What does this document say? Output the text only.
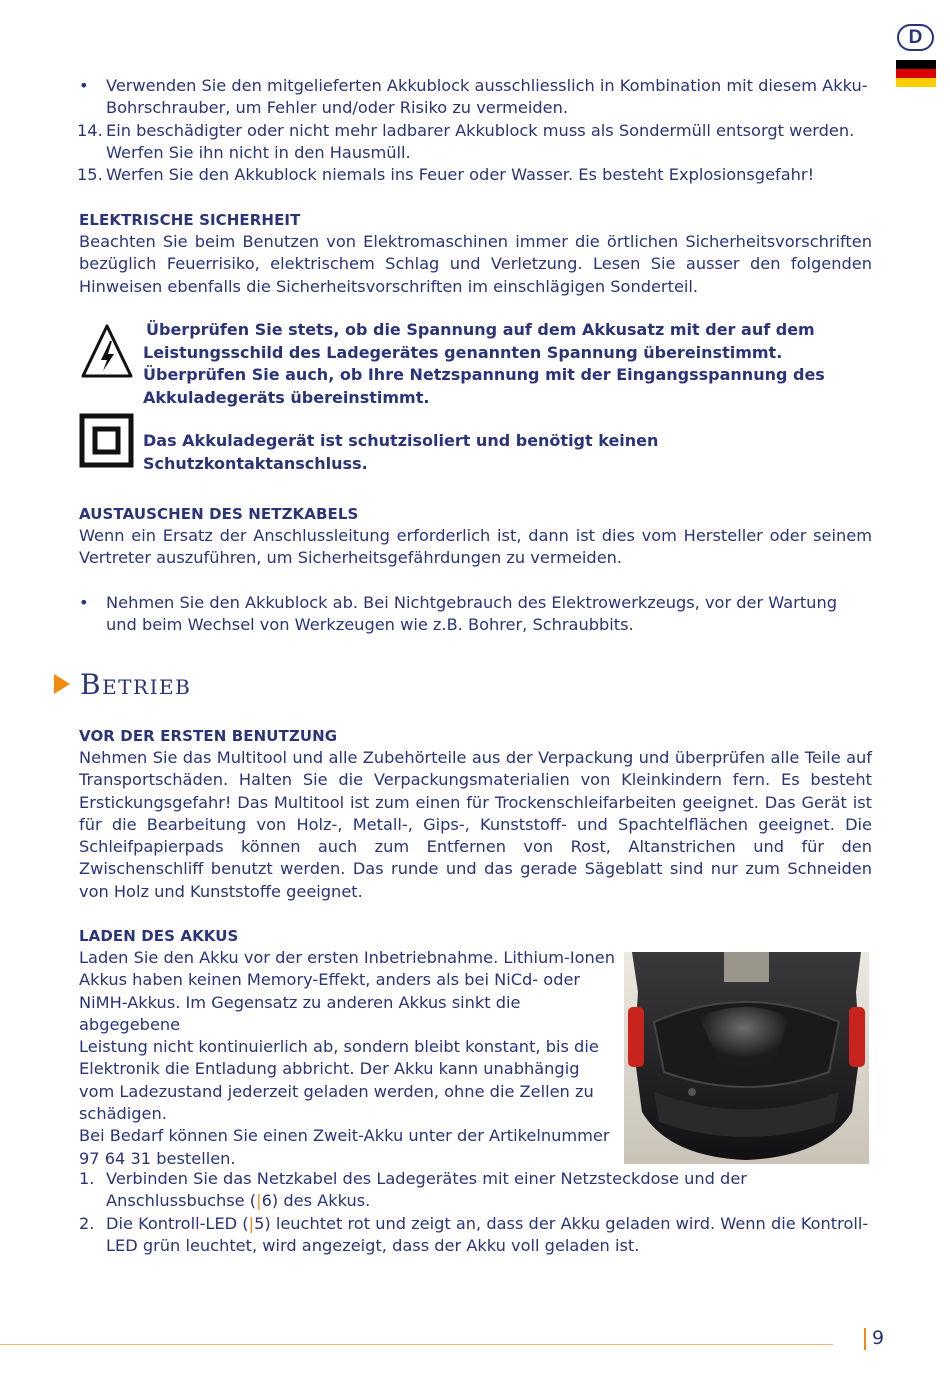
D
• Verwenden Sie den mitgelieferten Akkublock ausschliesslich in Kombination mit diesem Akku-Bohrschrauber, um Fehler und/oder Risiko zu vermeiden.
14. Ein beschädigter oder nicht mehr ladbarer Akkublock muss als Sondermüll entsorgt werden. Werfen Sie ihn nicht in den Hausmüll.
15. Werfen Sie den Akkublock niemals ins Feuer oder Wasser. Es besteht Explosionsgefahr!
ELEKTRISCHE SICHERHEIT
Beachten Sie beim Benutzen von Elektromaschinen immer die örtlichen Sicherheitsvorschriften bezüglich Feuerrisiko, elektrischem Schlag und Verletzung. Lesen Sie ausser den folgenden Hinweisen ebenfalls die Sicherheitsvorschriften im einschlägigen Sonderteil.
Überprüfen Sie stets, ob die Spannung auf dem Akkusatz mit der auf dem Leistungsschild des Ladegerätes genannten Spannung übereinstimmt. Überprüfen Sie auch, ob Ihre Netzspannung mit der Eingangsspannung des Akkuladegeräts übereinstimmt.
Das Akkuladegerät ist schutzisoliert und benötigt keinen Schutzkontaktanschluss.
AUSTAUSCHEN DES NETZKABELS
Wenn ein Ersatz der Anschlussleitung erforderlich ist, dann ist dies vom Hersteller oder seinem Vertreter auszuführen, um Sicherheitsgefährdungen zu vermeiden.
• Nehmen Sie den Akkublock ab. Bei Nichtgebrauch des Elektrowerkzeugs, vor der Wartung und beim Wechsel von Werkzeugen wie z.B. Bohrer, Schraubbits.
Betrieb
VOR DER ERSTEN BENUTZUNG
Nehmen Sie das Multitool und alle Zubehörteile aus der Verpackung und überprüfen alle Teile auf Transportschäden. Halten Sie die Verpackungsmaterialien von Kleinkindern fern. Es besteht Erstickungsgefahr! Das Multitool ist zum einen für Trockenschleifarbeiten geeignet. Das Gerät ist für die Bearbeitung von Holz-, Metall-, Gips-, Kunststoff- und Spachtelflächen geeignet. Die Schleifpapierpads können auch zum Entfernen von Rost, Altanstrichen und für den Zwischenschliff benutzt werden. Das runde und das gerade Sägeblatt sind nur zum Schneiden von Holz und Kunststoffe geeignet.
LADEN DES AKKUS
Laden Sie den Akku vor der ersten Inbetriebnahme. Lithium-Ionen
Akkus haben keinen Memory-Effekt, anders als bei NiCd- oder
NiMH-Akkus. Im Gegensatz zu anderen Akkus sinkt die abgegebene
Leistung nicht kontinuierlich ab, sondern bleibt konstant, bis die
Elektronik die Entladung abbricht. Der Akku kann unabhängig
vom Ladezustand jederzeit geladen werden, ohne die Zellen zu
schädigen.
Bei Bedarf können Sie einen Zweit-Akku unter der Artikelnummer
97 64 31 bestellen.
1. Verbinden Sie das Netzkabel des Ladegerätes mit einer Netzsteckdose und der Anschlussbuchse (|6) des Akkus.
2. Die Kontroll-LED (|5) leuchtet rot und zeigt an, dass der Akku geladen wird. Wenn die Kontroll-LED grün leuchtet, wird angezeigt, dass der Akku voll geladen ist.
9
